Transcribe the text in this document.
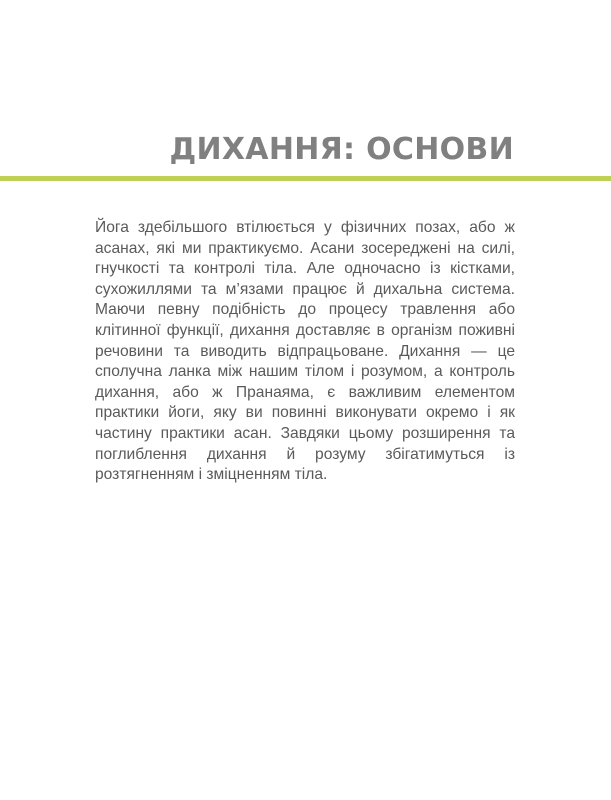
ДИХАННЯ: ОСНОВИ

Йога здебільшого втілюється у фізичних позах, або ж асанах, які ми практикуємо. Асани зосереджені на силі, гнучкості та контролі тіла. Але одночасно із кістками, сухожиллями та м’язами працює й дихальна система. Маючи певну подібність до процесу травлення або клітинної функції, дихання доставляє в організм поживні речовини та виводить відпрацьоване. Дихання — це сполучна ланка між нашим тілом і розумом, а контроль дихання, або ж Пранаяма, є важливим елементом практики йоги, яку ви повинні виконувати окремо і як частину практики асан. Завдяки цьому розширення та поглиблення дихання й розуму збігатимуться із розтягненням і зміцненням тіла.
